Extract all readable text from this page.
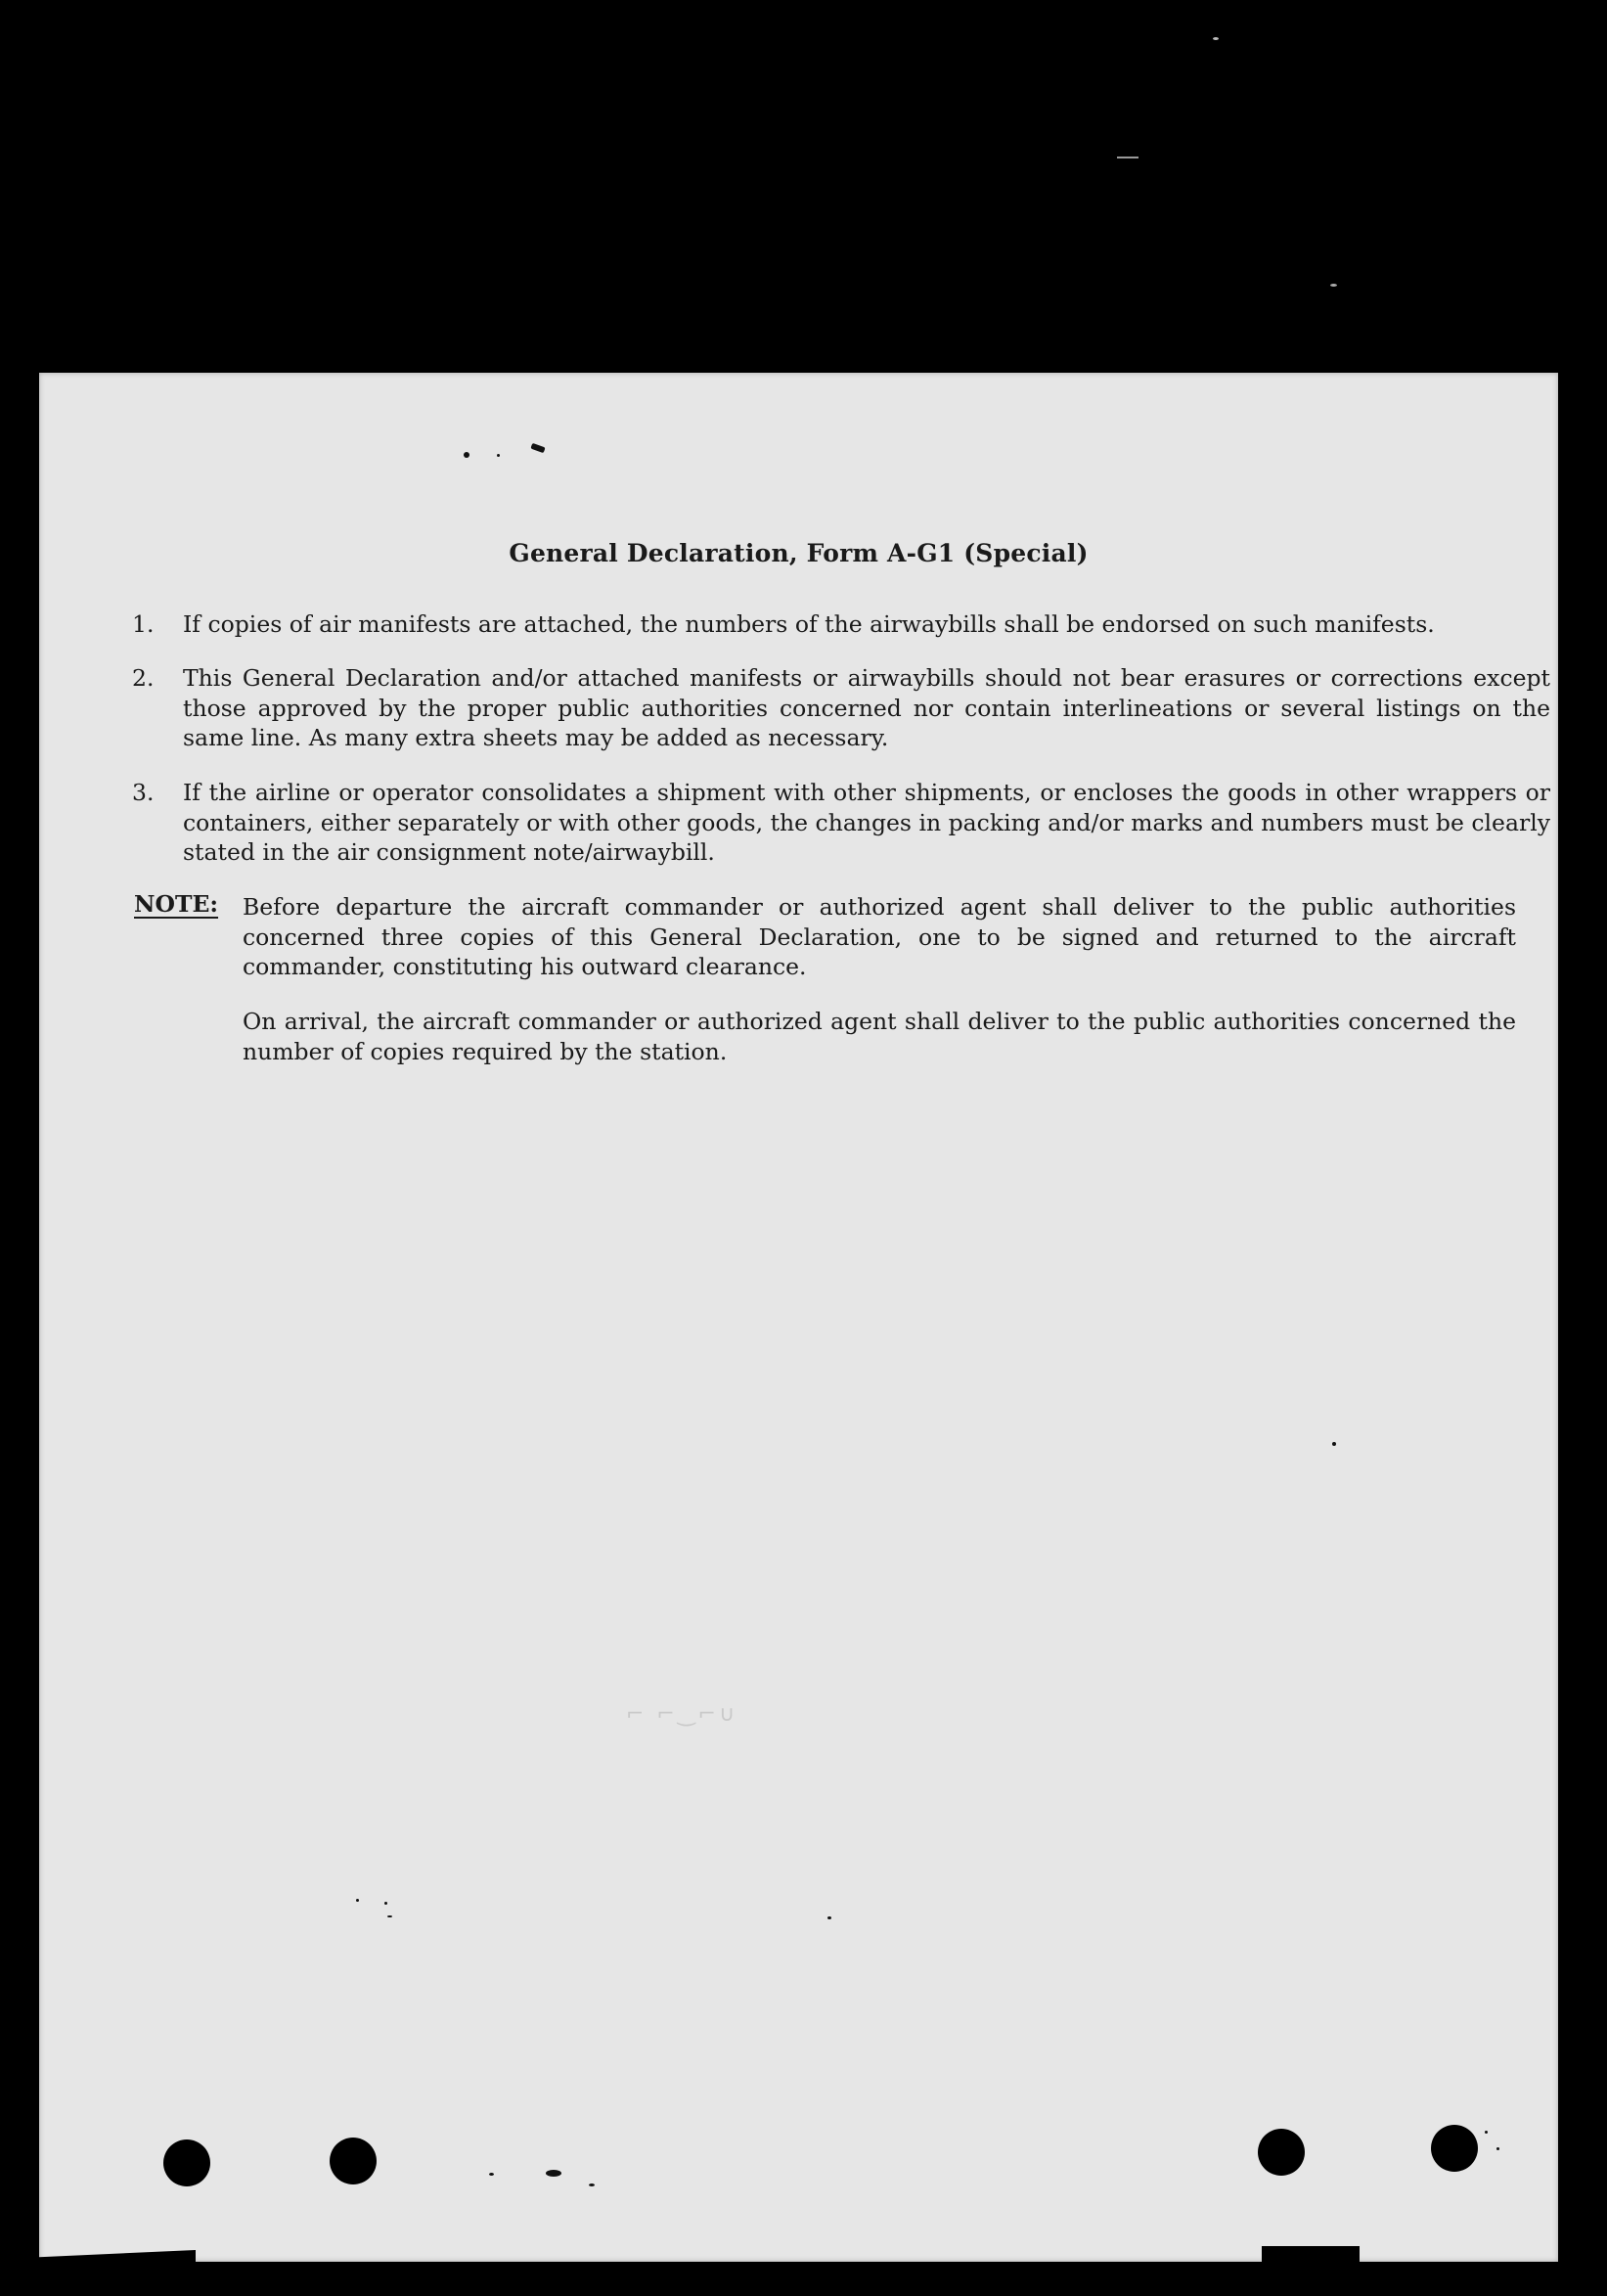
General Declaration, Form A-G1 (Special)
1.	If copies of air manifests are attached, the numbers of the airwaybills shall be endorsed on such manifests.
2.	This General Declaration and/or attached manifests or airwaybills should not bear erasures or corrections except those approved by the proper public authorities concerned nor contain interlineations or several listings on the same line. As many extra sheets may be added as necessary.
3.	If the airline or operator consolidates a shipment with other shipments, or encloses the goods in other wrappers or containers, either separately or with other goods, the changes in packing and/or marks and numbers must be clearly stated in the air consignment note/airwaybill.
NOTE: Before departure the aircraft commander or authorized agent shall deliver to the public authorities concerned three copies of this General Declaration, one to be signed and returned to the aircraft commander, constituting his outward clearance.
On arrival, the aircraft commander or authorized agent shall deliver to the public authorities concerned the number of copies required by the station.
⌐ ⌐‿⌐∪
